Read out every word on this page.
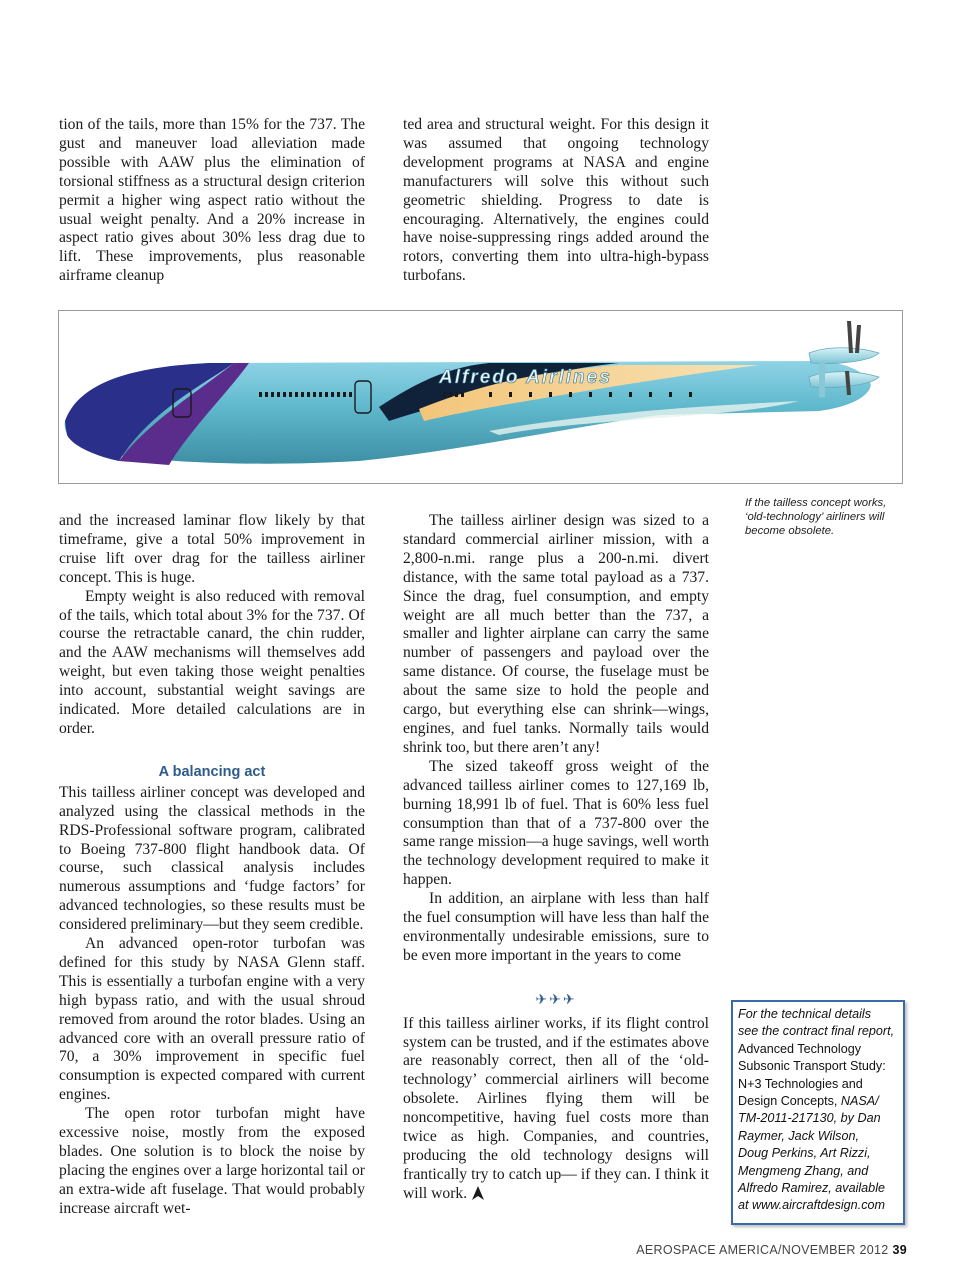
tion of the tails, more than 15% for the 737. The gust and maneuver load alleviation made possible with AAW plus the elimination of torsional stiffness as a structural design criterion permit a higher wing aspect ratio without the usual weight penalty. And a 20% increase in aspect ratio gives about 30% less drag due to lift. These improvements, plus reasonable airframe cleanup

ted area and structural weight. For this design it was assumed that ongoing technology development programs at NASA and engine manufacturers will solve this without such geometric shielding. Progress to date is encouraging. Alternatively, the engines could have noise-suppressing rings added around the rotors, converting them into ultra-high-bypass turbofans.

Alfredo Airlines
If the tailless concept works, ‘old-technology’ airliners will become obsolete.

and the increased laminar flow likely by that timeframe, give a total 50% improvement in cruise lift over drag for the tailless airliner concept. This is huge.

Empty weight is also reduced with removal of the tails, which total about 3% for the 737. Of course the retractable canard, the chin rudder, and the AAW mechanisms will themselves add weight, but even taking those weight penalties into account, substantial weight savings are indicated. More detailed calculations are in order.

A balancing act

This tailless airliner concept was developed and analyzed using the classical methods in the RDS-Professional software program, calibrated to Boeing 737-800 flight handbook data. Of course, such classical analysis includes numerous assumptions and ‘fudge factors’ for advanced technologies, so these results must be considered preliminary—but they seem credible.

An advanced open-rotor turbofan was defined for this study by NASA Glenn staff. This is essentially a turbofan engine with a very high bypass ratio, and with the usual shroud removed from around the rotor blades. Using an advanced core with an overall pressure ratio of 70, a 30% improvement in specific fuel consumption is expected compared with current engines.

The open rotor turbofan might have excessive noise, mostly from the exposed blades. One solution is to block the noise by placing the engines over a large horizontal tail or an extra-wide aft fuselage. That would probably increase aircraft wet-

The tailless airliner design was sized to a standard commercial airliner mission, with a 2,800-n.mi. range plus a 200-n.mi. divert distance, with the same total payload as a 737. Since the drag, fuel consumption, and empty weight are all much better than the 737, a smaller and lighter airplane can carry the same number of passengers and payload over the same distance. Of course, the fuselage must be about the same size to hold the people and cargo, but everything else can shrink—wings, engines, and fuel tanks. Normally tails would shrink too, but there aren’t any!

The sized takeoff gross weight of the advanced tailless airliner comes to 127,169 lb, burning 18,991 lb of fuel. That is 60% less fuel consumption than that of a 737-800 over the same range mission—a huge savings, well worth the technology development required to make it happen.

In addition, an airplane with less than half the fuel consumption will have less than half the environmentally undesirable emissions, sure to be even more important in the years to come

✈✈✈

If this tailless airliner works, if its flight control system can be trusted, and if the estimates above are reasonably correct, then all of the ‘old-technology’ commercial airliners will become obsolete. Airlines flying them will be noncompetitive, having fuel costs more than twice as high. Companies, and countries, producing the old technology designs will frantically try to catch up— if they can. I think it will work.

For the technical details
see the contract final report,
Advanced Technology
Subsonic Transport Study:
N+3 Technologies and
Design Concepts, NASA/
TM-2011-217130, by Dan
Raymer, Jack Wilson,
Doug Perkins, Art Rizzi,
Mengmeng Zhang, and
Alfredo Ramirez, available
at www.aircraftdesign.com
AEROSPACE AMERICA/NOVEMBER 2012 39
